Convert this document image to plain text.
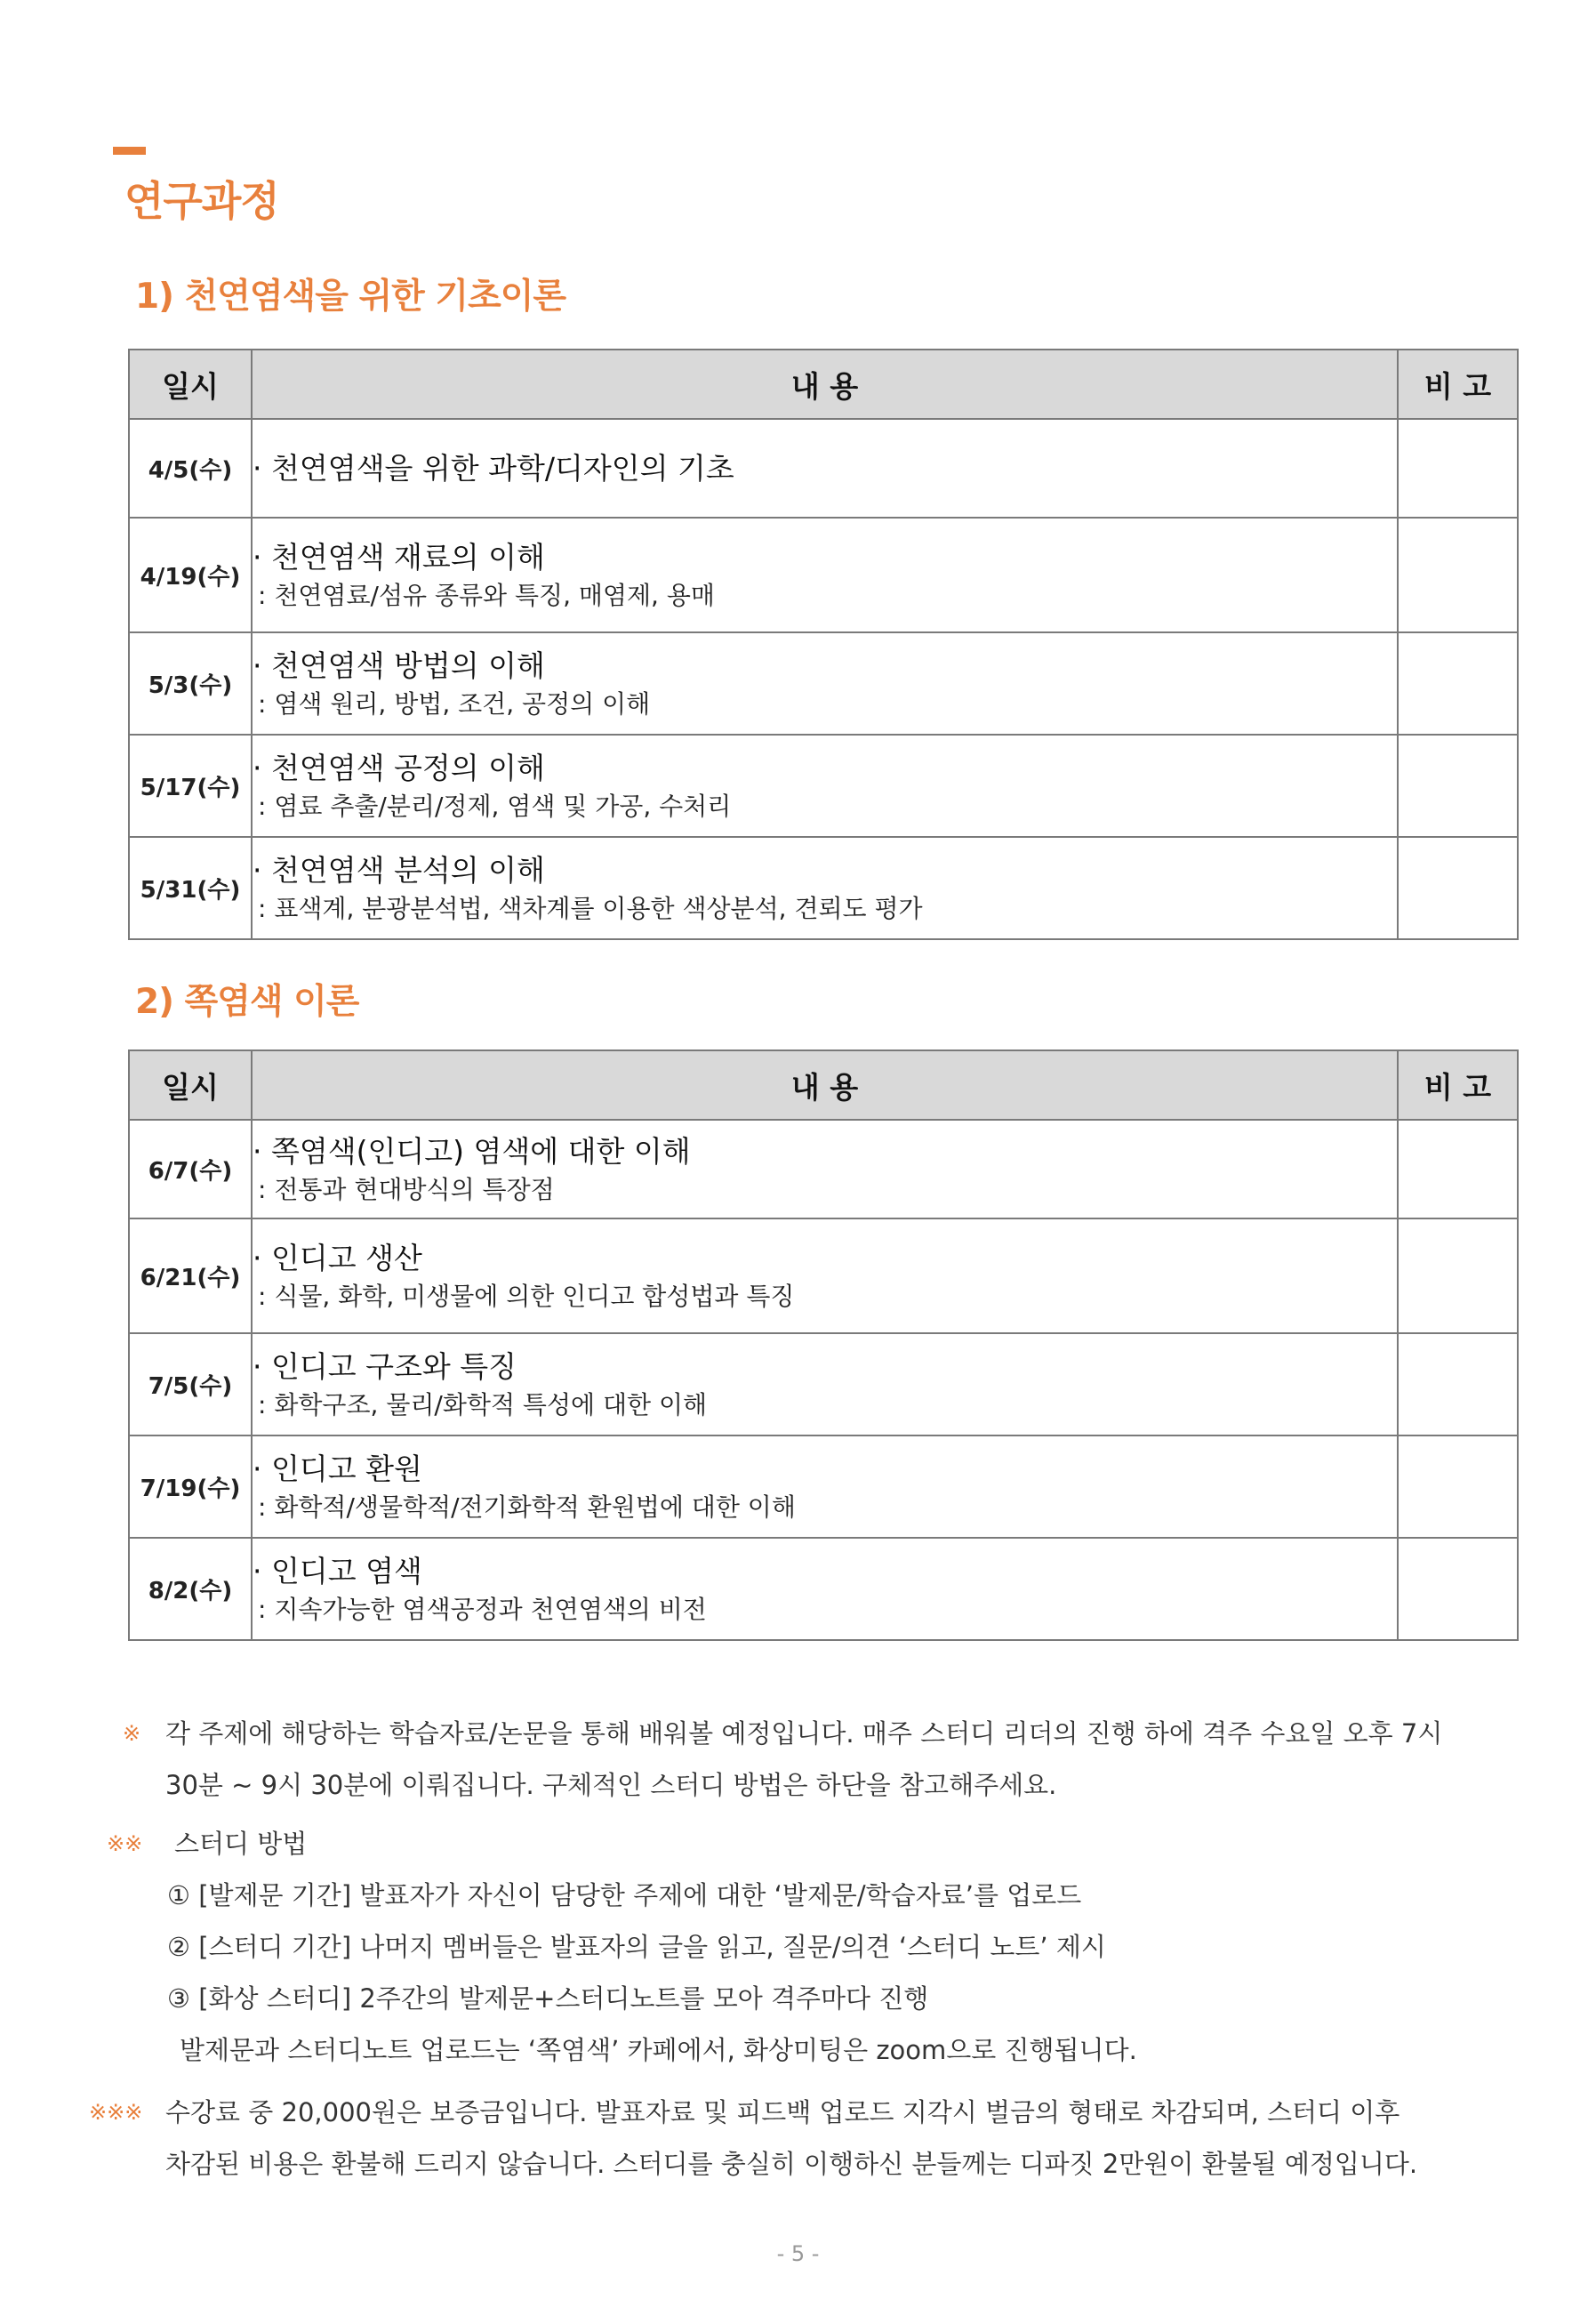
연구과정
1) 천연염색을 위한 기초이론
일시	내 용	비 고
4/5(수)	· 천연염색을 위한 과학/디자인의 기초	

4/19(수)	· 천연염색 재료의 이해
: 천연염료/섬유 종류와 특징, 매염제, 용매	

5/3(수)	· 천연염색 방법의 이해
: 염색 원리, 방법, 조건, 공정의 이해	

5/17(수)	· 천연염색 공정의 이해
: 염료 추출/분리/정제, 염색 및 가공, 수처리	

5/31(수)	· 천연염색 분석의 이해
: 표색계, 분광분석법, 색차계를 이용한 색상분석, 견뢰도 평가	

2) 쪽염색 이론
일시	내 용	비 고
6/7(수)	· 쪽염색(인디고) 염색에 대한 이해
: 전통과 현대방식의 특장점	

6/21(수)	· 인디고 생산
: 식물, 화학, 미생물에 의한 인디고 합성법과 특징	

7/5(수)	· 인디고 구조와 특징
: 화학구조, 물리/화학적 특성에 대한 이해	

7/19(수)	· 인디고 환원
: 화학적/생물학적/전기화학적 환원법에 대한 이해	

8/2(수)	· 인디고 염색
: 지속가능한 염색공정과 천연염색의 비전	

※ 각 주제에 해당하는 학습자료/논문을 통해 배워볼 예정입니다. 매주 스터디 리더의 진행 하에 격주 수요일 오후 7시
30분 ~ 9시 30분에 이뤄집니다. 구체적인 스터디 방법은 하단을 참고해주세요.
※※ 스터디 방법
① [발제문 기간] 발표자가 자신이 담당한 주제에 대한 ‘발제문/학습자료’를 업로드
② [스터디 기간] 나머지 멤버들은 발표자의 글을 읽고, 질문/의견 ‘스터디 노트’ 제시
③ [화상 스터디] 2주간의 발제문+스터디노트를 모아 격주마다 진행
발제문과 스터디노트 업로드는 ‘쪽염색’ 카페에서, 화상미팅은 zoom으로 진행됩니다.
※※※ 수강료 중 20,000원은 보증금입니다. 발표자료 및 피드백 업로드 지각시 벌금의 형태로 차감되며, 스터디 이후
차감된 비용은 환불해 드리지 않습니다. 스터디를 충실히 이행하신 분들께는 디파짓 2만원이 환불될 예정입니다.
- 5 -
